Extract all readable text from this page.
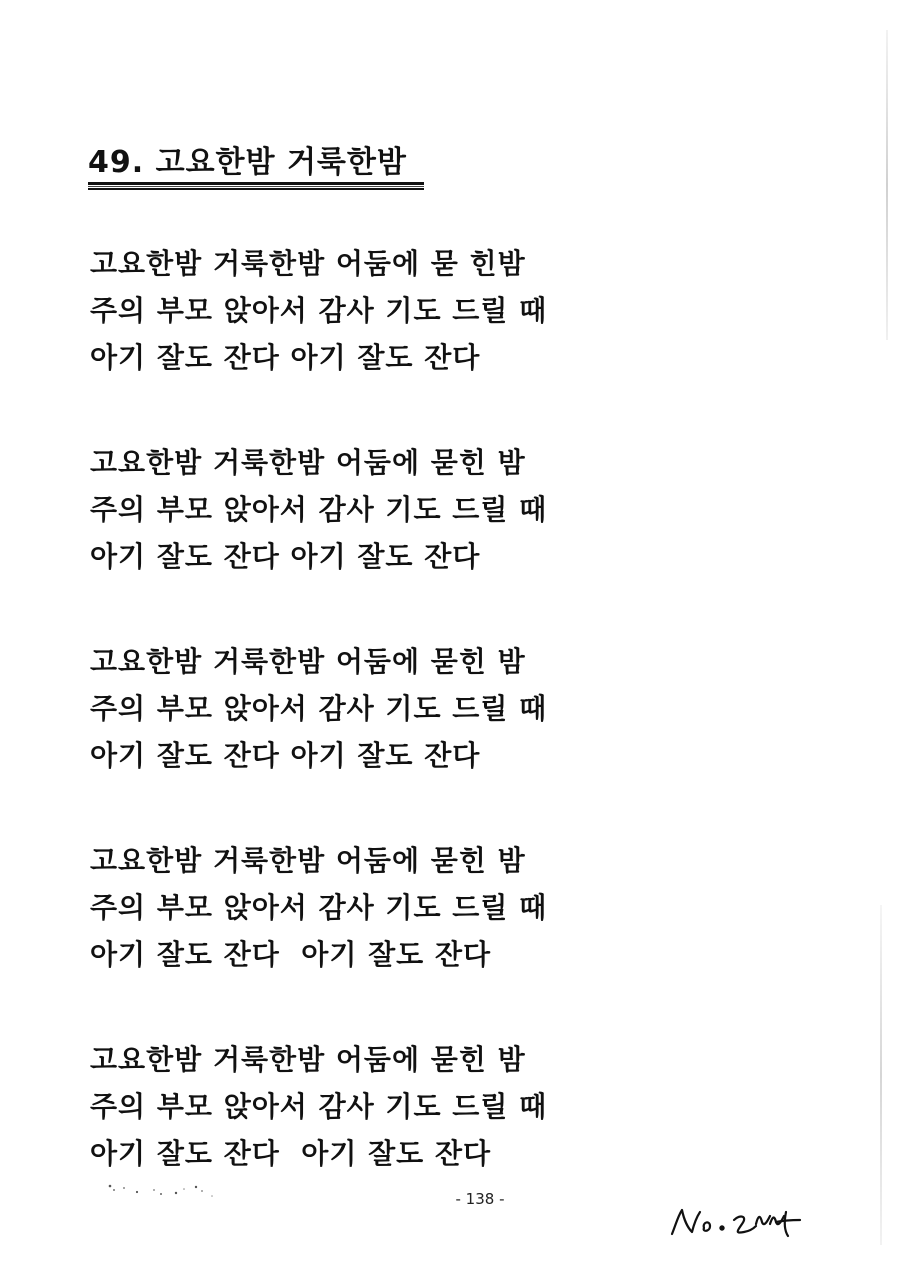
49. 고요한밤 거룩한밤
고요한밤 거룩한밤 어둠에 묻 힌밤
주의 부모 앉아서 감사 기도 드릴 때
아기 잘도 잔다 아기 잘도 잔다
고요한밤 거룩한밤 어둠에 묻힌 밤
주의 부모 앉아서 감사 기도 드릴 때
아기 잘도 잔다 아기 잘도 잔다
고요한밤 거룩한밤 어둠에 묻힌 밤
주의 부모 앉아서 감사 기도 드릴 때
아기 잘도 잔다 아기 잘도 잔다
고요한밤 거룩한밤 어둠에 묻힌 밤
주의 부모 앉아서 감사 기도 드릴 때
아기 잘도 잔다  아기 잘도 잔다
고요한밤 거룩한밤 어둠에 묻힌 밤
주의 부모 앉아서 감사 기도 드릴 때
아기 잘도 잔다  아기 잘도 잔다
- 138 -
